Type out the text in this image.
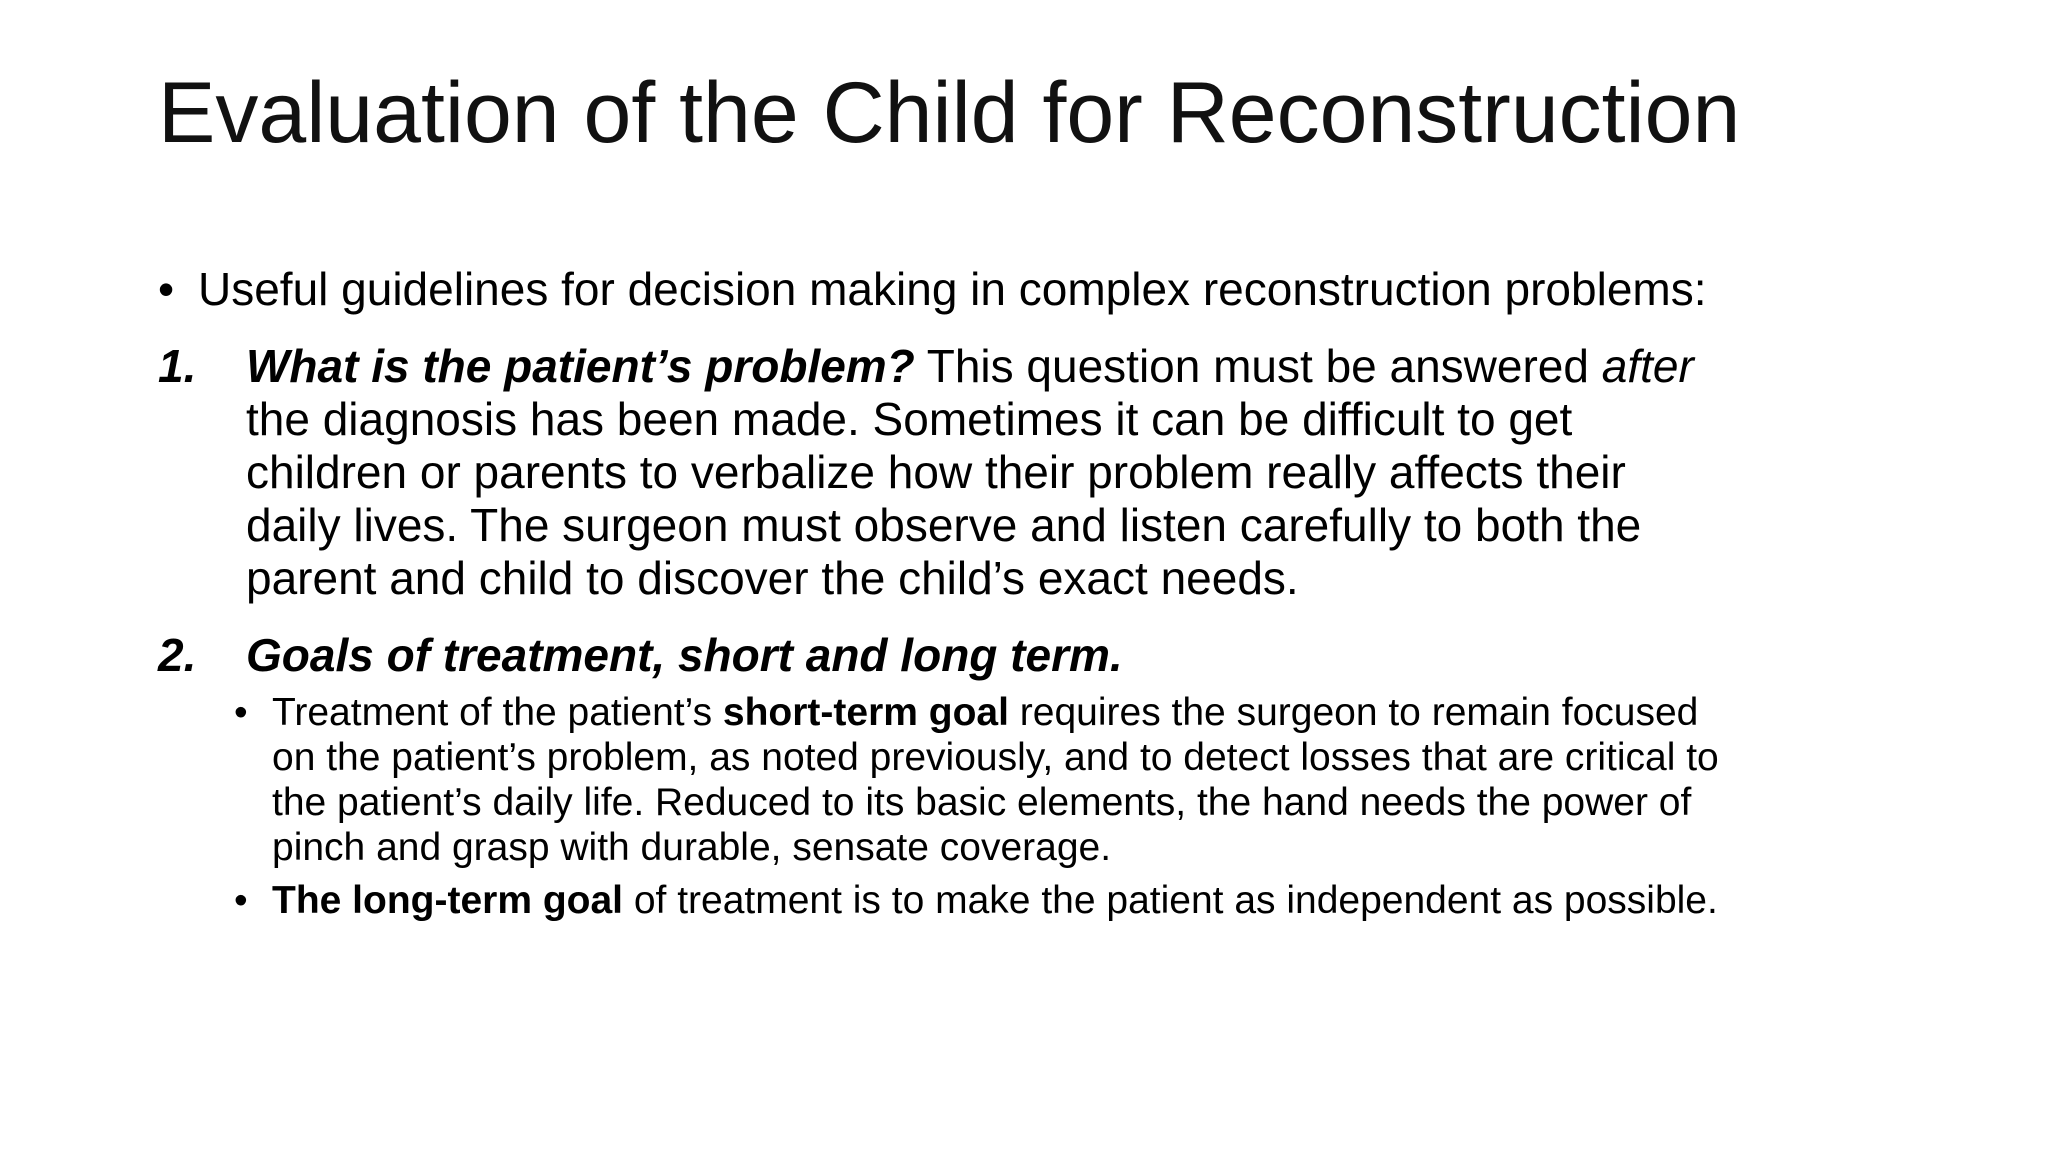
Evaluation of the Child for Reconstruction
• Useful guidelines for decision making in complex reconstruction problems:
1. What is the patient’s problem? This question must be answered after
the diagnosis has been made. Sometimes it can be difficult to get
children or parents to verbalize how their problem really affects their
daily lives. The surgeon must observe and listen carefully to both the
parent and child to discover the child’s exact needs.
2. Goals of treatment, short and long term.
• Treatment of the patient’s short-term goal requires the surgeon to remain focused
on the patient’s problem, as noted previously, and to detect losses that are critical to
the patient’s daily life. Reduced to its basic elements, the hand needs the power of
pinch and grasp with durable, sensate coverage.
• The long-term goal of treatment is to make the patient as independent as possible.
